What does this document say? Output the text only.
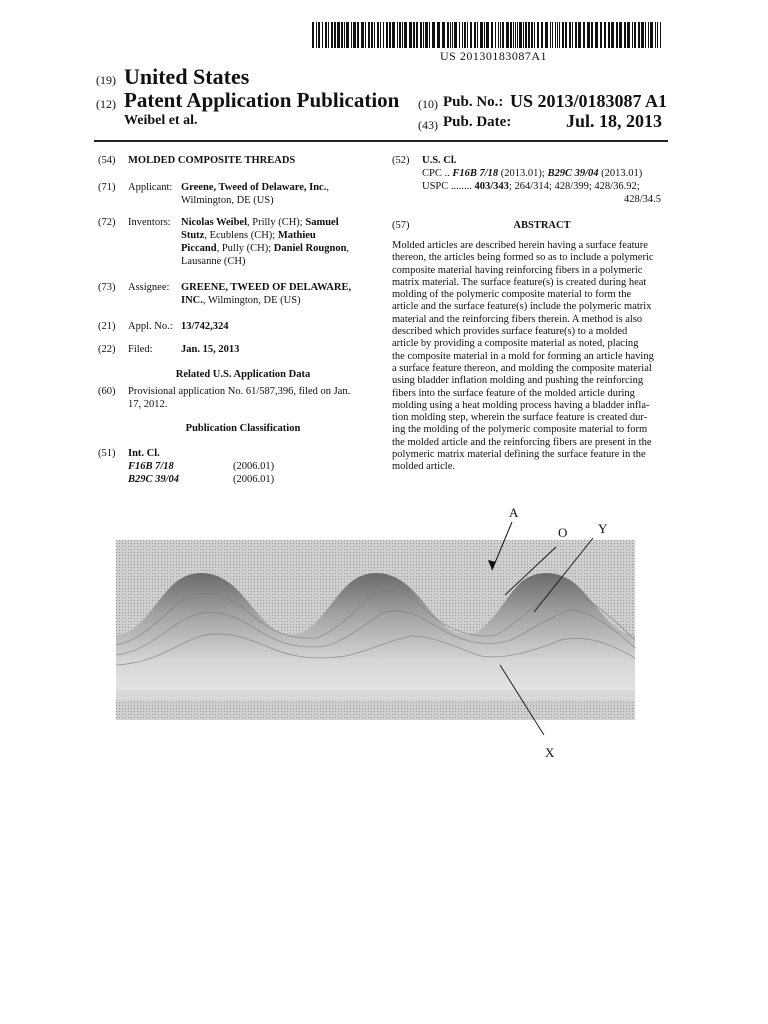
US 20130183087A1
(19) United States
(12) Patent Application Publication
Weibel et al.
(10) Pub. No.: US 2013/0183087 A1
(43) Pub. Date:	Jul. 18, 2013
(54) MOLDED COMPOSITE THREADS
(71) Applicant: Greene, Tweed of Delaware, Inc.,
Wilmington, DE (US)
(72) Inventors: Nicolas Weibel, Prilly (CH); Samuel
Stutz, Ecublens (CH); Mathieu
Piccand, Pully (CH); Daniel Rougnon,
Lausanne (CH)
(73) Assignee: GREENE, TWEED OF DELAWARE,
INC., Wilmington, DE (US)
(21) Appl. No.: 13/742,324
(22) Filed:	Jan. 15, 2013
Related U.S. Application Data
(60) Provisional application No. 61/587,396, filed on Jan.
17, 2012.
Publication Classification
(51) Int. Cl.
F16B 7/18	(2006.01)
B29C 39/04	(2006.01)
(52) U.S. Cl.
CPC .. F16B 7/18 (2013.01); B29C 39/04 (2013.01)
USPC ........ 403/343; 264/314; 428/399; 428/36.92;
428/34.5
(57)	ABSTRACT
Molded articles are described herein having a surface feature
thereon, the articles being formed so as to include a polymeric
composite material having reinforcing fibers in a polymeric
matrix material. The surface feature(s) is created during heat
molding of the polymeric composite material to form the
article and the surface feature(s) include the polymeric matrix
material and the reinforcing fibers therein. A method is also
described which provides surface feature(s) to a molded
article by providing a composite material as noted, placing
the composite material in a mold for forming an article having
a surface feature thereon, and molding the composite material
using bladder inflation molding and pushing the reinforcing
fibers into the surface feature of the molded article during
molding using a heat molding process having a bladder infla-
tion molding step, wherein the surface feature is created dur-
ing the molding of the polymeric composite material to form
the molded article and the reinforcing fibers are present in the
polymeric matrix material defining the surface feature in the
molded article.
A
O Y
X
